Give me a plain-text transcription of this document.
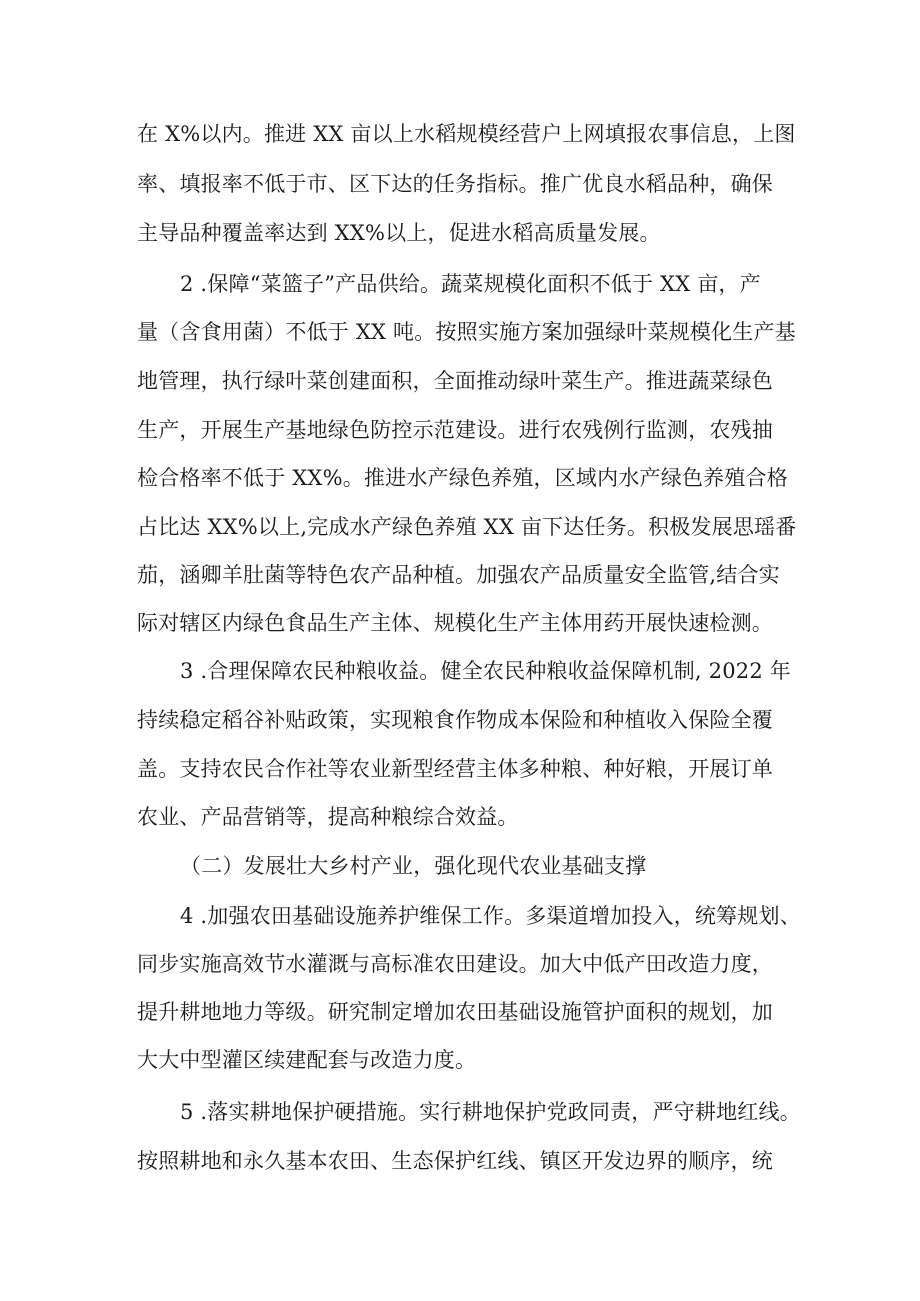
在 X%以内。推进 XX 亩以上水稻规模经营户上网填报农事信息，上图
率、填报率不低于市、区下达的任务指标。推广优良水稻品种，确保
主导品种覆盖率达到 XX%以上，促进水稻高质量发展。
2 .保障“菜篮子”产品供给。蔬菜规模化面积不低于 XX 亩，产
量（含食用菌）不低于 XX 吨。按照实施方案加强绿叶菜规模化生产基
地管理，执行绿叶菜创建面积，全面推动绿叶菜生产。推进蔬菜绿色
生产，开展生产基地绿色防控示范建设。进行农残例行监测，农残抽
检合格率不低于 XX%。推进水产绿色养殖，区域内水产绿色养殖合格
占比达 XX%以上,完成水产绿色养殖 XX 亩下达任务。积极发展思瑶番
茄，涵卿羊肚菌等特色农产品种植。加强农产品质量安全监管,结合实
际对辖区内绿色食品生产主体、规模化生产主体用药开展快速检测。
3 .合理保障农民种粮收益。健全农民种粮收益保障机制, 2022 年
持续稳定稻谷补贴政策，实现粮食作物成本保险和种植收入保险全覆
盖。支持农民合作社等农业新型经营主体多种粮、种好粮，开展订单
农业、产品营销等，提高种粮综合效益。
（二）发展壮大乡村产业，强化现代农业基础支撑
4 .加强农田基础设施养护维保工作。多渠道增加投入，统筹规划、
同步实施高效节水灌溉与高标准农田建设。加大中低产田改造力度，
提升耕地地力等级。研究制定增加农田基础设施管护面积的规划，加
大大中型灌区续建配套与改造力度。
5 .落实耕地保护硬措施。实行耕地保护党政同责，严守耕地红线。
按照耕地和永久基本农田、生态保护红线、镇区开发边界的顺序，统
